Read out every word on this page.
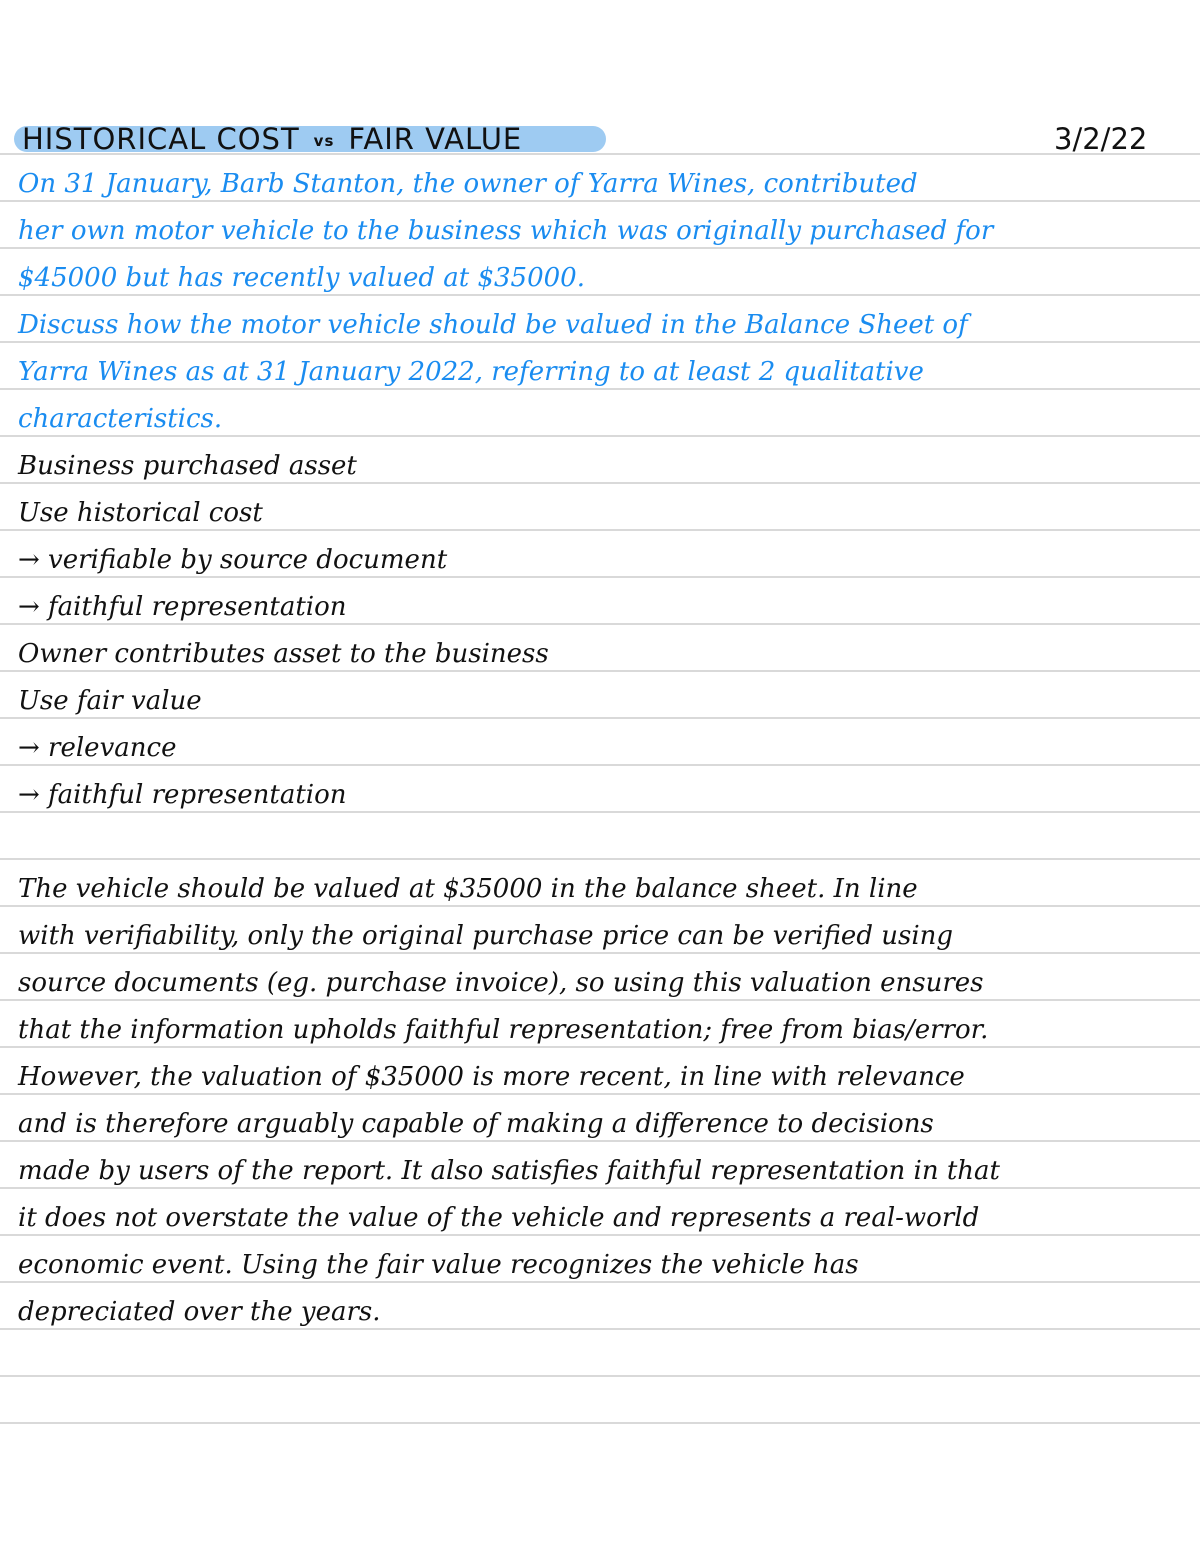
HISTORICAL COST vs FAIR VALUE	3/2/22
On 31 January, Barb Stanton, the owner of Yarra Wines, contributed
her own motor vehicle to the business which was originally purchased for
$45000 but has recently valued at $35000.
Discuss how the motor vehicle should be valued in the Balance Sheet of
Yarra Wines as at 31 January 2022, referring to at least 2 qualitative
characteristics.
Business purchased asset
Use historical cost
→ verifiable by source document
→ faithful representation
Owner contributes asset to the business
Use fair value
→ relevance
→ faithful representation
The vehicle should be valued at $35000 in the balance sheet. In line
with verifiability, only the original purchase price can be verified using
source documents (eg. purchase invoice), so using this valuation ensures
that the information upholds faithful representation; free from bias/error.
However, the valuation of $35000 is more recent, in line with relevance
and is therefore arguably capable of making a difference to decisions
made by users of the report. It also satisfies faithful representation in that
it does not overstate the value of the vehicle and represents a real-world
economic event. Using the fair value recognizes the vehicle has
depreciated over the years.
